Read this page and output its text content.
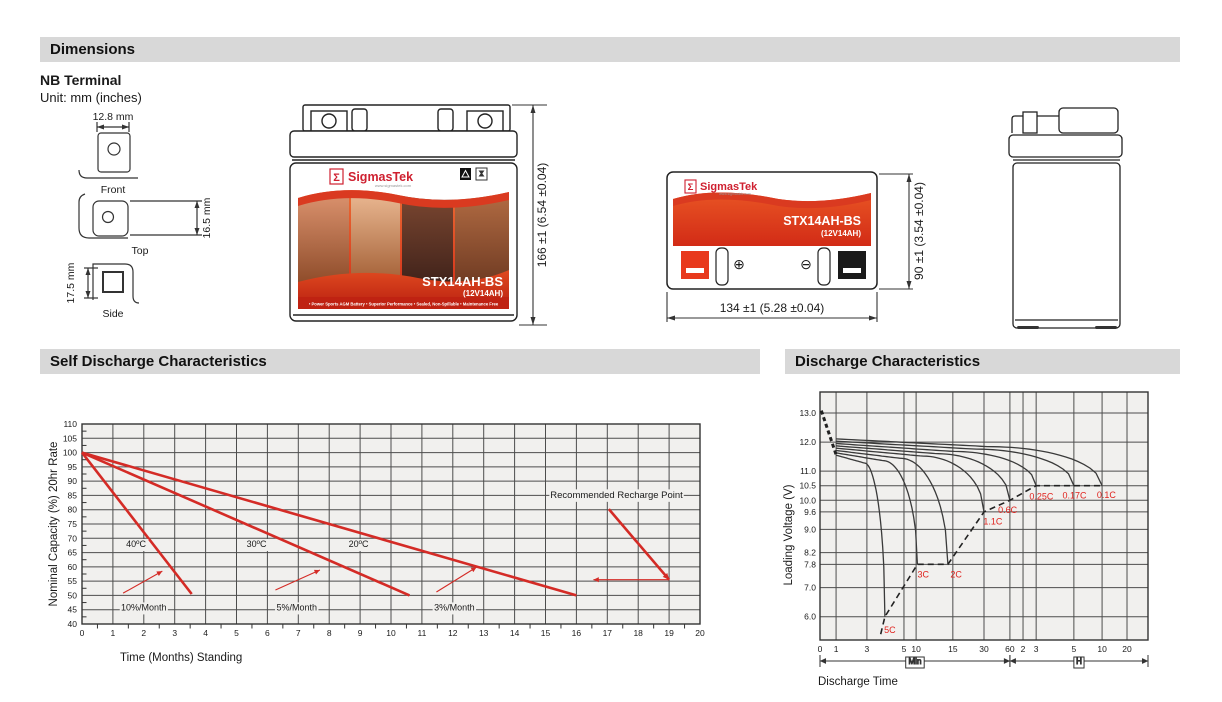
Dimensions
Self Discharge Characteristics	Discharge Characteristics
NB Terminal
Unit: mm (inches)
12.8 mm
Front
16.5 mm
Top
17.5 mm
Side
Σ SigmasTek
www.sigmastek.com
STX14AH-BS
(12V14AH)
• Power Sports AGM Battery • Superior Performance • Sealed, Non-Spillable • Maintenance Free
166 ±1 (6.54 ±0.04)	Σ SigmasTek
www.sigmastek.com
STX14AH-BS
(12V14AH)
⊕	⊖
134 ±1 (5.28 ±0.04)
90 ±1 (3.54 ±0.04)
0	1	2	3	4	5	6	7	8	9	10	11	12	13	14	15	16	17	18	19	20
40
45
50
55
60
65
70
75
80
85
90
95
100
105
110
40ºC
10%/Month
30ºC
5%/Month
20ºC
3%/Month
Recommended Recharge Point
Nominal Capacity (%) 20hr Rate
Time (Months) Standing
0 1	3	5 10	15	30 60 2 3	5 10 20
13.0
12.0
11.0
10.5
10.0
9.6
9.0
8.2
7.8
7.0
6.0
5C
3C 2C
1.1C
0.6C
0.25C 0.17C 0.1C
Min	H
Discharge Time
Loading Voltage (V)
